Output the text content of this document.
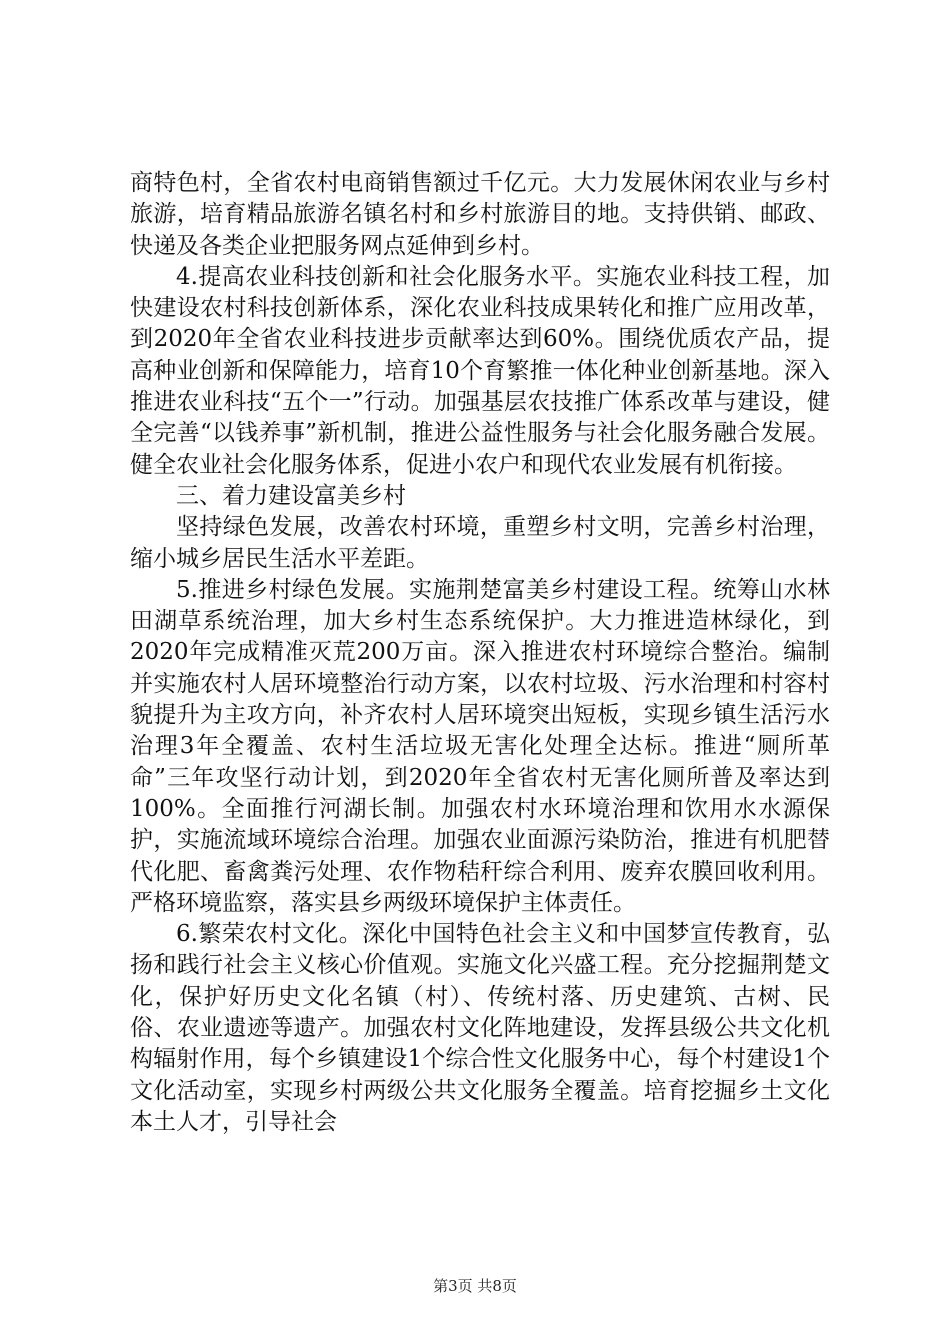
商特色村，全省农村电商销售额过千亿元。大力发展休闲农业与乡村旅游，培育精品旅游名镇名村和乡村旅游目的地。支持供销、邮政、快递及各类企业把服务网点延伸到乡村。

4.提高农业科技创新和社会化服务水平。实施农业科技工程，加快建设农村科技创新体系，深化农业科技成果转化和推广应用改革，到2020年全省农业科技进步贡献率达到60%。围绕优质农产品，提高种业创新和保障能力，培育10个育繁推一体化种业创新基地。深入推进农业科技“五个一”行动。加强基层农技推广体系改革与建设，健全完善“以钱养事”新机制，推进公益性服务与社会化服务融合发展。健全农业社会化服务体系，促进小农户和现代农业发展有机衔接。

三、着力建设富美乡村

坚持绿色发展，改善农村环境，重塑乡村文明，完善乡村治理，缩小城乡居民生活水平差距。

5.推进乡村绿色发展。实施荆楚富美乡村建设工程。统筹山水林田湖草系统治理，加大乡村生态系统保护。大力推进造林绿化，到2020年完成精准灭荒200万亩。深入推进农村环境综合整治。编制并实施农村人居环境整治行动方案，以农村垃圾、污水治理和村容村貌提升为主攻方向，补齐农村人居环境突出短板，实现乡镇生活污水治理3年全覆盖、农村生活垃圾无害化处理全达标。推进“厕所革命”三年攻坚行动计划，到2020年全省农村无害化厕所普及率达到100%。全面推行河湖长制。加强农村水环境治理和饮用水水源保护，实施流域环境综合治理。加强农业面源污染防治，推进有机肥替代化肥、畜禽粪污处理、农作物秸秆综合利用、废弃农膜回收利用。严格环境监察，落实县乡两级环境保护主体责任。

6.繁荣农村文化。深化中国特色社会主义和中国梦宣传教育，弘扬和践行社会主义核心价值观。实施文化兴盛工程。充分挖掘荆楚文化，保护好历史文化名镇（村）、传统村落、历史建筑、古树、民俗、农业遗迹等遗产。加强农村文化阵地建设，发挥县级公共文化机构辐射作用，每个乡镇建设1个综合性文化服务中心，每个村建设1个文化活动室，实现乡村两级公共文化服务全覆盖。培育挖掘乡土文化本土人才，引导社会

第3页 共8页
